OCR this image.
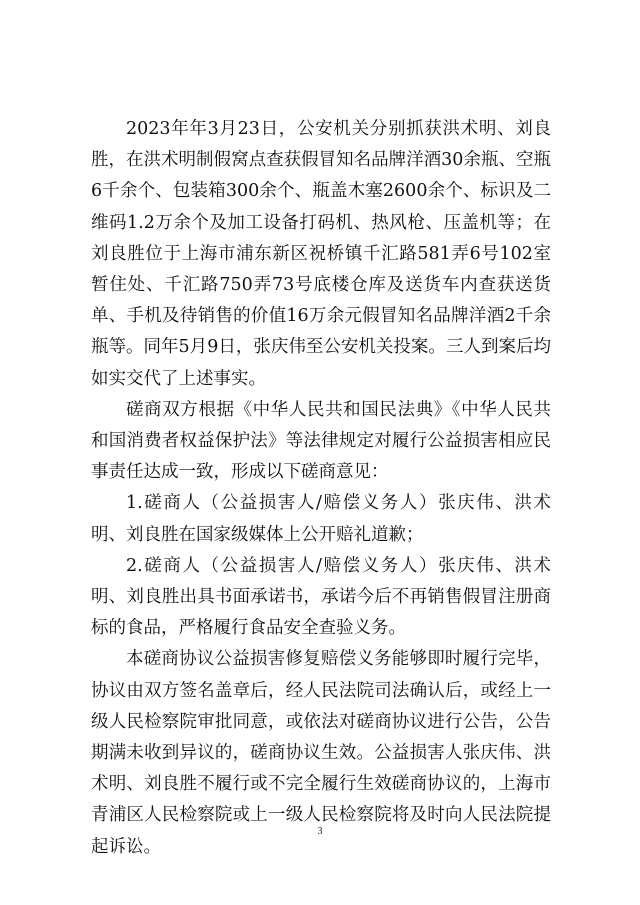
2023年年3月23日，公安机关分别抓获洪术明、刘良胜，在洪术明制假窝点查获假冒知名品牌洋酒30余瓶、空瓶6千余个、包装箱300余个、瓶盖木塞2600余个、标识及二维码1.2万余个及加工设备打码机、热风枪、压盖机等；在刘良胜位于上海市浦东新区祝桥镇千汇路581弄6号102室暂住处、千汇路750弄73号底楼仓库及送货车内查获送货单、手机及待销售的价值16万余元假冒知名品牌洋酒2千余瓶等。同年5月9日，张庆伟至公安机关投案。三人到案后均如实交代了上述事实。

磋商双方根据《中华人民共和国民法典》《中华人民共和国消费者权益保护法》等法律规定对履行公益损害相应民事责任达成一致，形成以下磋商意见：

1.磋商人（公益损害人/赔偿义务人）张庆伟、洪术明、刘良胜在国家级媒体上公开赔礼道歉；

2.磋商人（公益损害人/赔偿义务人）张庆伟、洪术明、刘良胜出具书面承诺书，承诺今后不再销售假冒注册商标的食品，严格履行食品安全查验义务。

本磋商协议公益损害修复赔偿义务能够即时履行完毕，协议由双方签名盖章后，经人民法院司法确认后，或经上一级人民检察院审批同意，或依法对磋商协议进行公告，公告期满未收到异议的，磋商协议生效。公益损害人张庆伟、洪术明、刘良胜不履行或不完全履行生效磋商协议的，上海市青浦区人民检察院或上一级人民检察院将及时向人民法院提起诉讼。

3
